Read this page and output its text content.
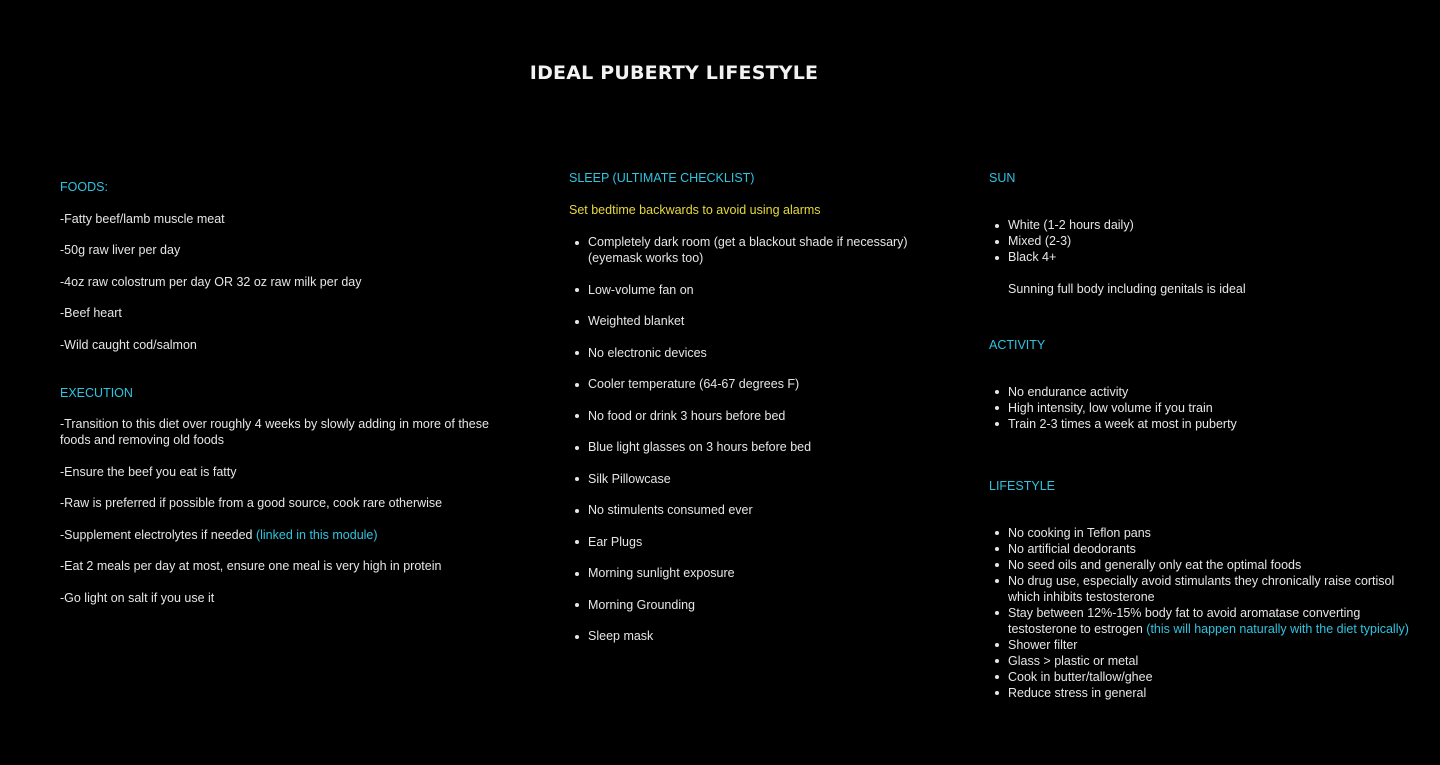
IDEAL PUBERTY LIFESTYLE

FOODS:

-Fatty beef/lamb muscle meat

-50g raw liver per day

-4oz raw colostrum per day OR 32 oz raw milk per day

-Beef heart

-Wild caught cod/salmon

EXECUTION

-Transition to this diet over roughly 4 weeks by slowly adding in more of these foods and removing old foods

-Ensure the beef you eat is fatty

-Raw is preferred if possible from a good source, cook rare otherwise

-Supplement electrolytes if needed (linked in this module)

-Eat 2 meals per day at most, ensure one meal is very high in protein

-Go light on salt if you use it

SLEEP (ULTIMATE CHECKLIST)

Set bedtime backwards to avoid using alarms
Completely dark room (get a blackout shade if necessary) (eyemask works too)
Low-volume fan on
Weighted blanket
No electronic devices
Cooler temperature (64-67 degrees F)
No food or drink 3 hours before bed
Blue light glasses on 3 hours before bed
Silk Pillowcase
No stimulents consumed ever
Ear Plugs
Morning sunlight exposure
Morning Grounding
Sleep mask

SUN

White (1-2 hours daily)
Mixed (2-3)
Black 4+
Sunning full body including genitals is ideal

ACTIVITY

No endurance activity
High intensity, low volume if you train
Train 2-3 times a week at most in puberty

LIFESTYLE

No cooking in Teflon pans
No artificial deodorants
No seed oils and generally only eat the optimal foods
No drug use, especially avoid stimulants they chronically raise cortisol which inhibits testosterone
Stay between 12%-15% body fat to avoid aromatase converting testosterone to estrogen (this will happen naturally with the diet typically)
Shower filter
Glass > plastic or metal
Cook in butter/tallow/ghee
Reduce stress in general
